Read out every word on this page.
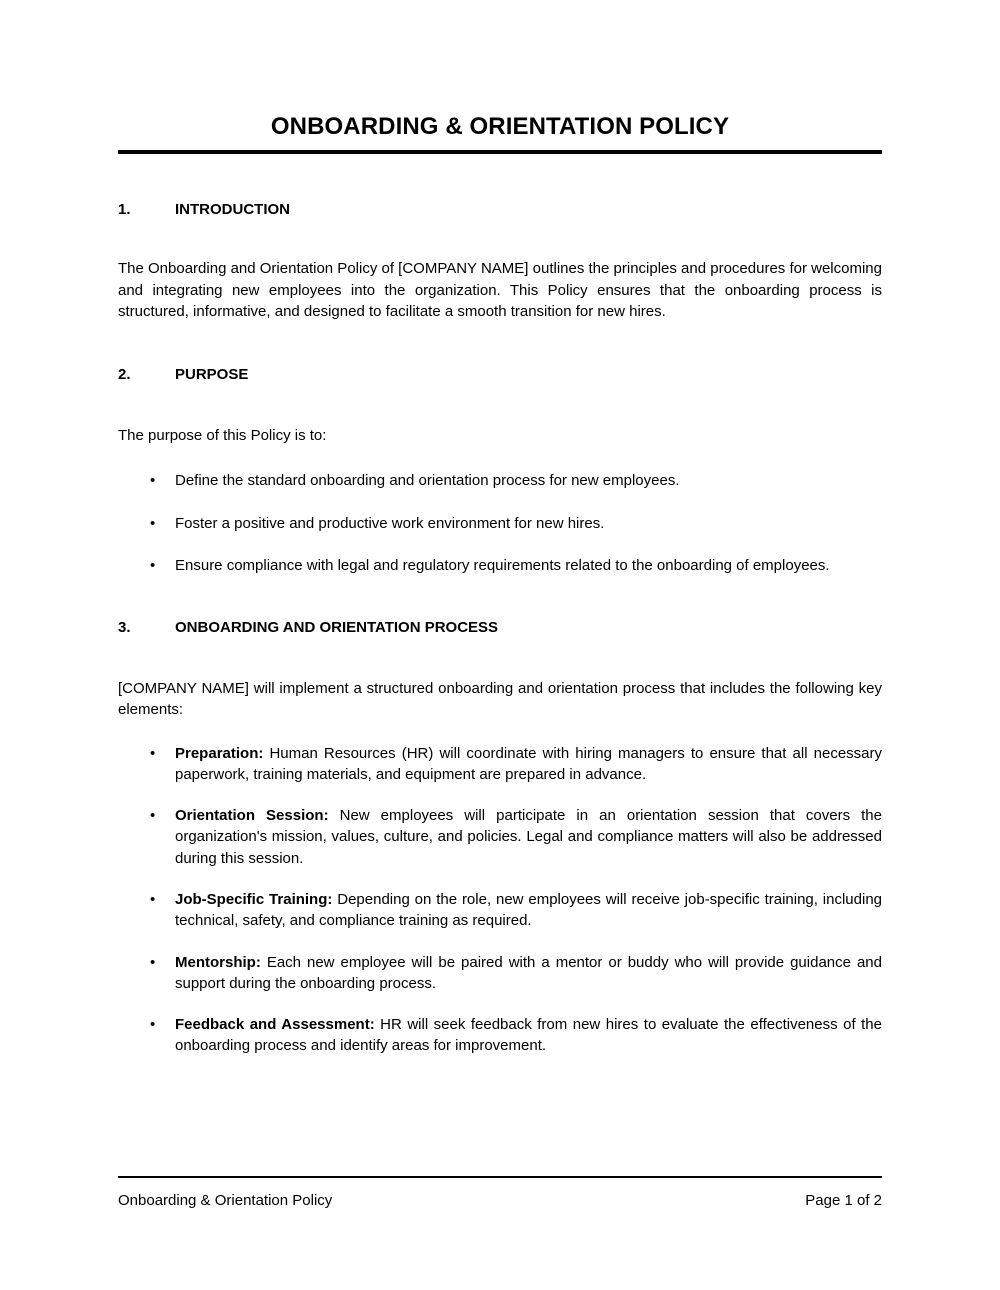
ONBOARDING & ORIENTATION POLICY
1.	INTRODUCTION

The Onboarding and Orientation Policy of [COMPANY NAME] outlines the principles and procedures for welcoming and integrating new employees into the organization. This Policy ensures that the onboarding process is structured, informative, and designed to facilitate a smooth transition for new hires.

2.	PURPOSE

The purpose of this Policy is to:

• Define the standard onboarding and orientation process for new employees.
• Foster a positive and productive work environment for new hires.
• Ensure compliance with legal and regulatory requirements related to the onboarding of employees.
3.	ONBOARDING AND ORIENTATION PROCESS

[COMPANY NAME] will implement a structured onboarding and orientation process that includes the following key elements:

• Preparation: Human Resources (HR) will coordinate with hiring managers to ensure that all necessary paperwork, training materials, and equipment are prepared in advance.
• Orientation Session: New employees will participate in an orientation session that covers the organization's mission, values, culture, and policies. Legal and compliance matters will also be addressed during this session.
• Job-Specific Training: Depending on the role, new employees will receive job-specific training, including technical, safety, and compliance training as required.
• Mentorship: Each new employee will be paired with a mentor or buddy who will provide guidance and support during the onboarding process.
• Feedback and Assessment: HR will seek feedback from new hires to evaluate the effectiveness of the onboarding process and identify areas for improvement.
Onboarding & Orientation Policy	Page 1 of 2
